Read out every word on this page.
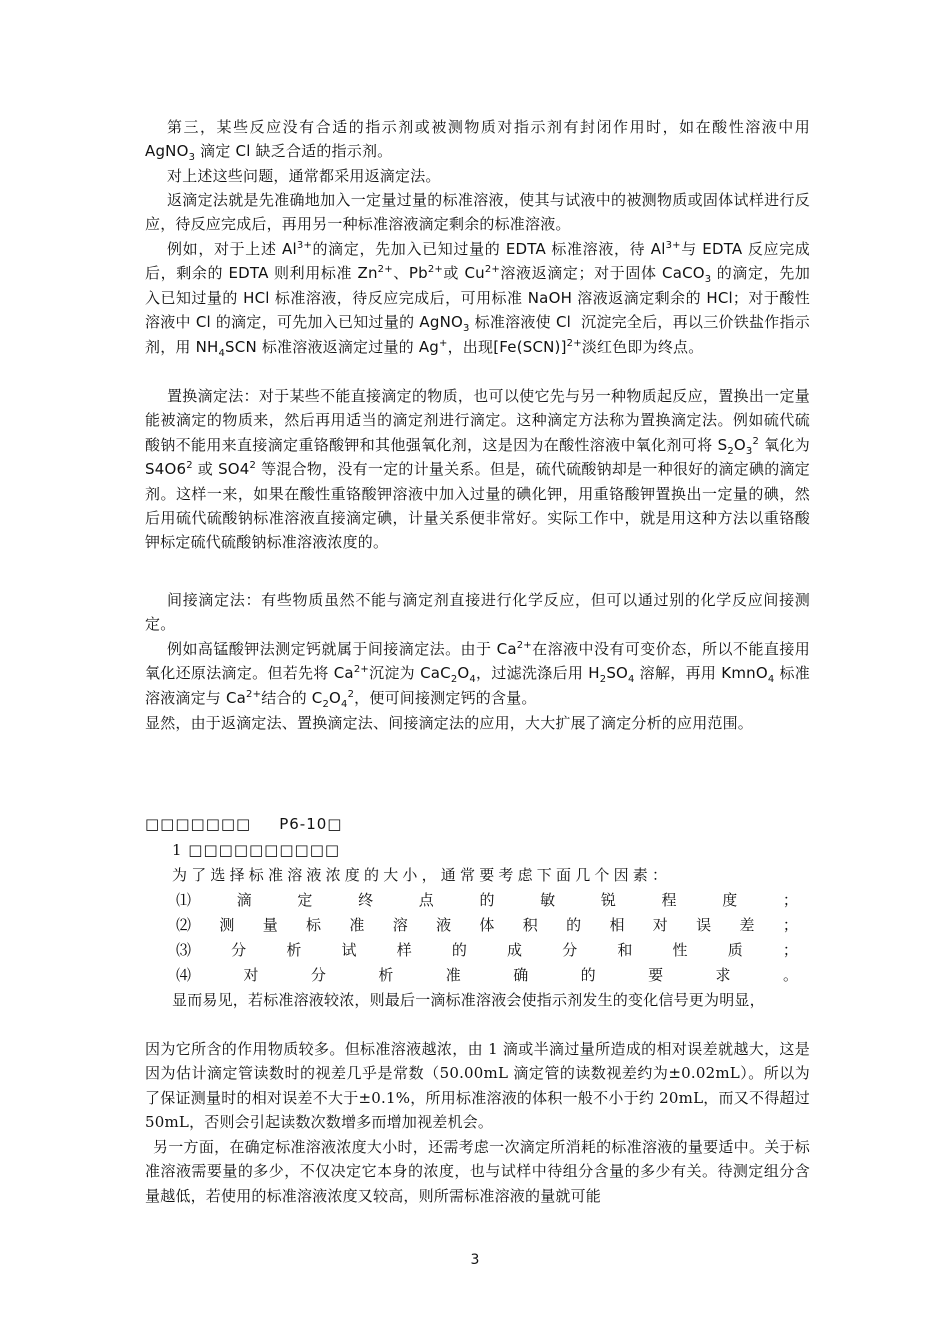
第三，某些反应没有合适的指示剂或被测物质对指示剂有封闭作用时，如在酸性溶液中用 AgNO$_3$ 滴定 Cl 缺乏合适的指示剂。

对上述这些问题，通常都采用返滴定法。

返滴定法就是先准确地加入一定量过量的标准溶液，使其与试液中的被测物质或固体试样进行反应，待反应完成后，再用另一种标准溶液滴定剩余的标准溶液。

例如，对于上述 $Al^{3+}$的滴定，先加入已知过量的 EDTA 标准溶液，待 $Al^{3+}$与 EDTA 反应完成后，剩余的 EDTA 则利用标准 $Zn^{2+}$、$Pb^{2+}$或 $Cu^{2+}$溶液返滴定；对于固体 CaCO$_3$ 的滴定，先加入已知过量的 HCl 标准溶液，待反应完成后，可用标准 NaOH 溶液返滴定剩余的 HCl；对于酸性溶液中 Cl 的滴定，可先加入已知过量的 AgNO$_3$ 标准溶液使 Cl  沉淀完全后，再以三价铁盐作指示剂，用 $NH_4SCN$ 标准溶液返滴定过量的 Ag+，出现$[Fe(SCN)]^{2+}$淡红色即为终点。

置换滴定法：对于某些不能直接滴定的物质，也可以使它先与另一种物质起反应，置换出一定量能被滴定的物质来，然后再用适当的滴定剂进行滴定。这种滴定方法称为置换滴定法。例如硫代硫酸钠不能用来直接滴定重铬酸钾和其他强氧化剂，这是因为在酸性溶液中氧化剂可将 $S_2O_3^2$ 氧化为 $S4O6^2$ 或 $SO4^2$ 等混合物，没有一定的计量关系。但是，硫代硫酸钠却是一种很好的滴定碘的滴定剂。这样一来，如果在酸性重铬酸钾溶液中加入过量的碘化钾，用重铬酸钾置换出一定量的碘，然后用硫代硫酸钠标准溶液直接滴定碘，计量关系便非常好。实际工作中，就是用这种方法以重铬酸钾标定硫代硫酸钠标准溶液浓度的。

间接滴定法：有些物质虽然不能与滴定剂直接进行化学反应，但可以通过别的化学反应间接测定。

例如高锰酸钾法测定钙就属于间接滴定法。由于 $Ca^{2+}$在溶液中没有可变价态，所以不能直接用氧化还原法滴定。但若先将 $Ca^{2+}$沉淀为 $CaC_2O_4$，过滤洗涤后用 $H_2SO_4$ 溶解，再用 KmnO$_4$ 标准溶液滴定与 $Ca^{2+}$结合的 $C_2O_4^2$，便可间接测定钙的含量。

显然，由于返滴定法、置换滴定法、间接滴定法的应用，大大扩展了滴定分析的应用范围。

□□□□□□□ P6-10□
1 □□□□□□□□□□
为了选择标准溶液浓度的大小，通常要考虑下面几个因素：
⑴	滴	定	终	点	的	敏	锐	程	度	；
⑵ 测 量 标 准 溶 液 体 积 的 相 对 误 差 ；
⑶	分	析	试	样	的	成	分	和	性	质	；
⑷	对	分	析	准	确	的	要	求	。

显而易见，若标准溶液较浓，则最后一滴标准溶液会使指示剂发生的变化信号更为明显，

因为它所含的作用物质较多。但标准溶液越浓，由 1 滴或半滴过量所造成的相对误差就越大，这是因为估计滴定管读数时的视差几乎是常数（50.00mL 滴定管的读数视差约为±0.02mL）。所以为了保证测量时的相对误差不大于±0.1%，所用标准溶液的体积一般不小于约 20mL，而又不得超过 50mL，否则会引起读数次数增多而增加视差机会。

另一方面，在确定标准溶液浓度大小时，还需考虑一次滴定所消耗的标准溶液的量要适中。关于标准溶液需要量的多少，不仅决定它本身的浓度，也与试样中待组分含量的多少有关。待测定组分含量越低，若使用的标准溶液浓度又较高，则所需标准溶液的量就可能

3
